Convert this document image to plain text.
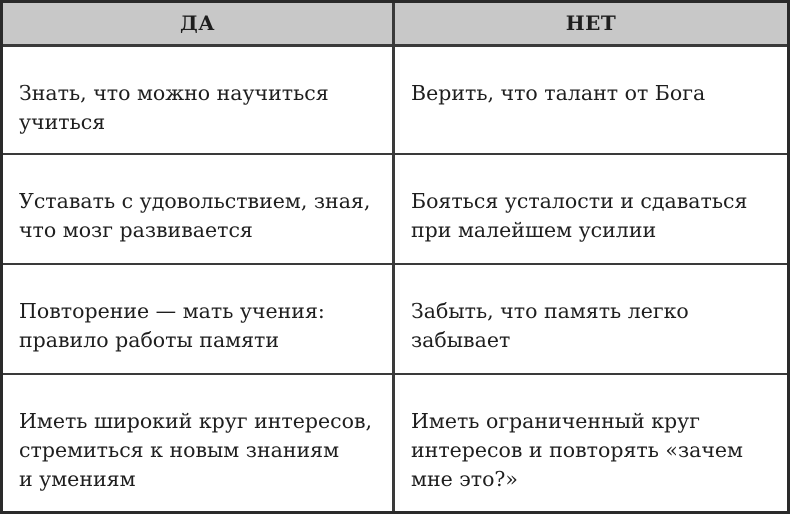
ДА	НЕТ
Знать, что можно научиться
учиться
Верить, что талант от Бога
Уставать с удовольствием, зная,
что мозг развивается
Бояться усталости и сдаваться
при малейшем усилии
Повторение — мать учения:
правило работы памяти
Забыть, что память легко
забывает
Иметь широкий круг интересов,
стремиться к новым знаниям
и умениям
Иметь ограниченный круг
интересов и повторять «зачем
мне это?»
